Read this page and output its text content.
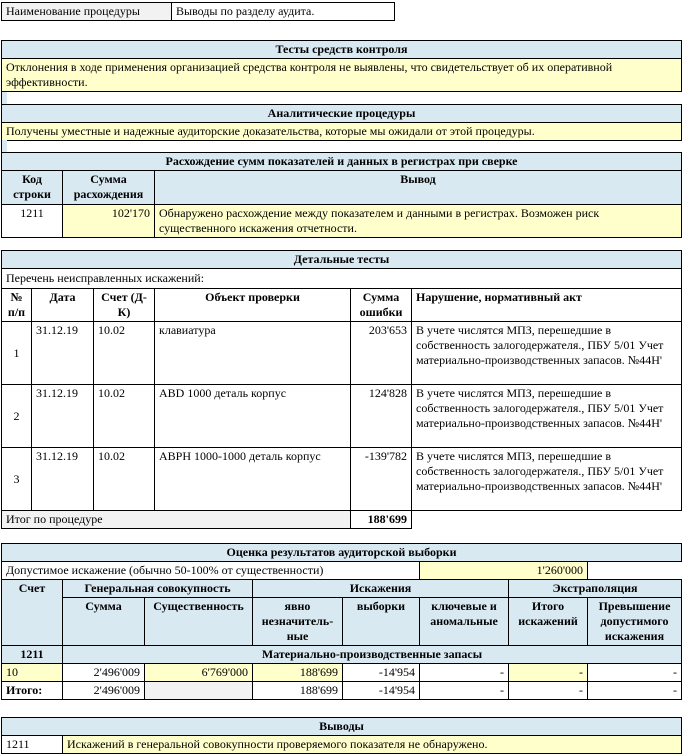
Наименование процедуры	Выводы по разделу аудита.	
Тесты средств контроля
Отклонения в ходе применения организацией средства контроля не выявлены, что свидетельствует об их оперативной эффективности.
Аналитические процедуры
Получены уместные и надежные аудиторские доказательства, которые мы ожидали от этой процедуры.
Расхождение сумм показателей и данных в регистрах при сверке		
Код строки	Сумма расхождения	Вывод
1211	102'170	Обнаружено расхождение между показателем и данными в регистрах. Возможен риск существенного искажения отчетности.
Детальные тесты
Перечень неисправленных искажений:
№ п/п	Дата	Счет (Д-К)	Объект проверки	Сумма ошибки	Нарушение, нормативный акт
1	31.12.19	10.02	клавиатура	203'653	В учете числятся МПЗ, перешедшие в собственность залогодержателя., ПБУ 5/01 Учет материально-производственных запасов. №44Н'
2	31.12.19	10.02	ABD 1000 деталь корпус	124'828	В учете числятся МПЗ, перешедшие в собственность залогодержателя., ПБУ 5/01 Учет материально-производственных запасов. №44Н'
3	31.12.19	10.02	ABPH 1000-1000 деталь корпус	-139'782	В учете числятся МПЗ, перешедшие в собственность залогодержателя., ПБУ 5/01 Учет материально-производственных запасов. №44Н'
Итог по процедуре				188'699	
Оценка результатов аудиторской выборки							
Допустимое искажение (обычно 50-100% от существенности)					1'260'000		
Счет	Генеральная совокупность		Искажения			Экстраполяция	
	Сумма	Существенность	явно незначитель-ные	выборки	ключевые и аномальные	Итого искажений	Превышение допустимого искажения
1211	Материально-производственные запасы						
10	2'496'009	6'769'000	188'699	-14'954	-	-	-
Итого:	2'496'009		188'699	-14'954	-	-	-
Выводы
1211	Искажений в генеральной совокупности проверяемого показателя не обнаружено.
